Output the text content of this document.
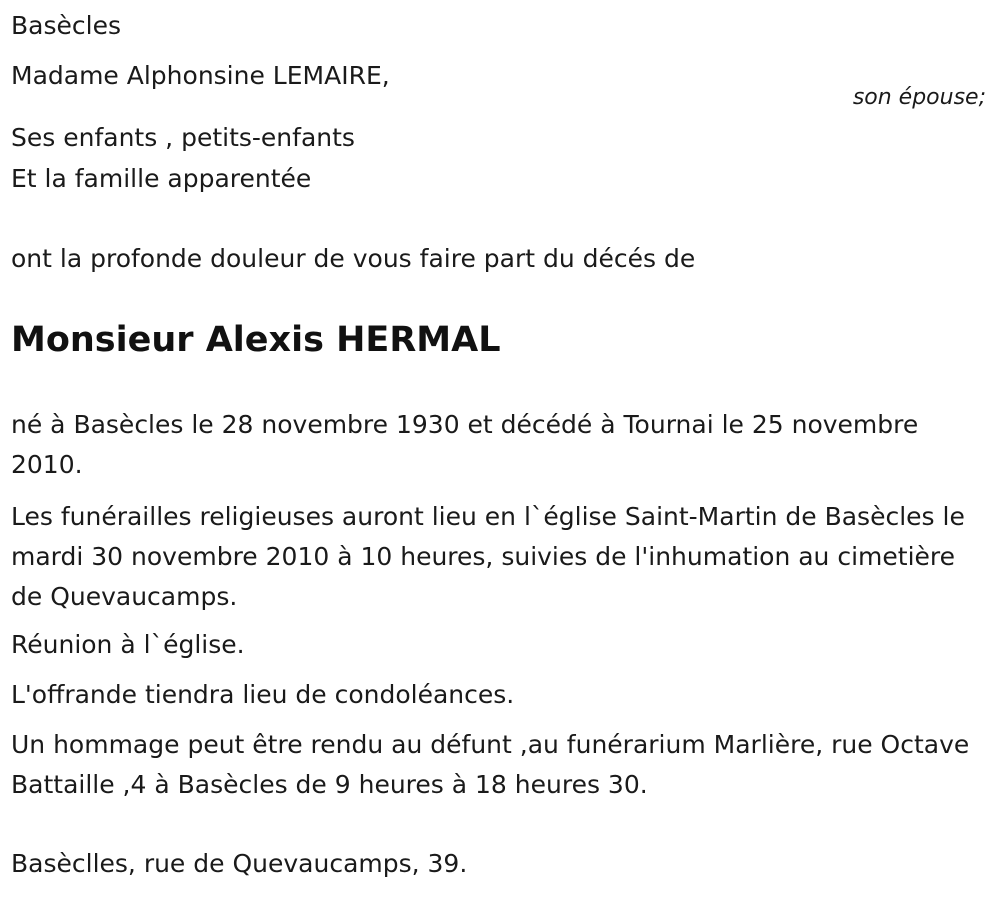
Basècles
Madame Alphonsine LEMAIRE,
son épouse;
Ses enfants , petits-enfants
Et la famille apparentée
ont la profonde douleur de vous faire part du décés de
Monsieur Alexis HERMAL
né à Basècles le 28 novembre 1930 et décédé à Tournai le 25 novembre 2010.
Les funérailles religieuses auront lieu en l`église Saint-Martin de Basècles le mardi 30 novembre 2010 à 10 heures, suivies de l'inhumation au cimetière de Quevaucamps.
Réunion à l`église.
L'offrande tiendra lieu de condoléances.
Un hommage peut être rendu au défunt ,au funérarium Marlière, rue Octave Battaille ,4 à Basècles de 9 heures à 18 heures 30.
Basèclles, rue de Quevaucamps, 39.
